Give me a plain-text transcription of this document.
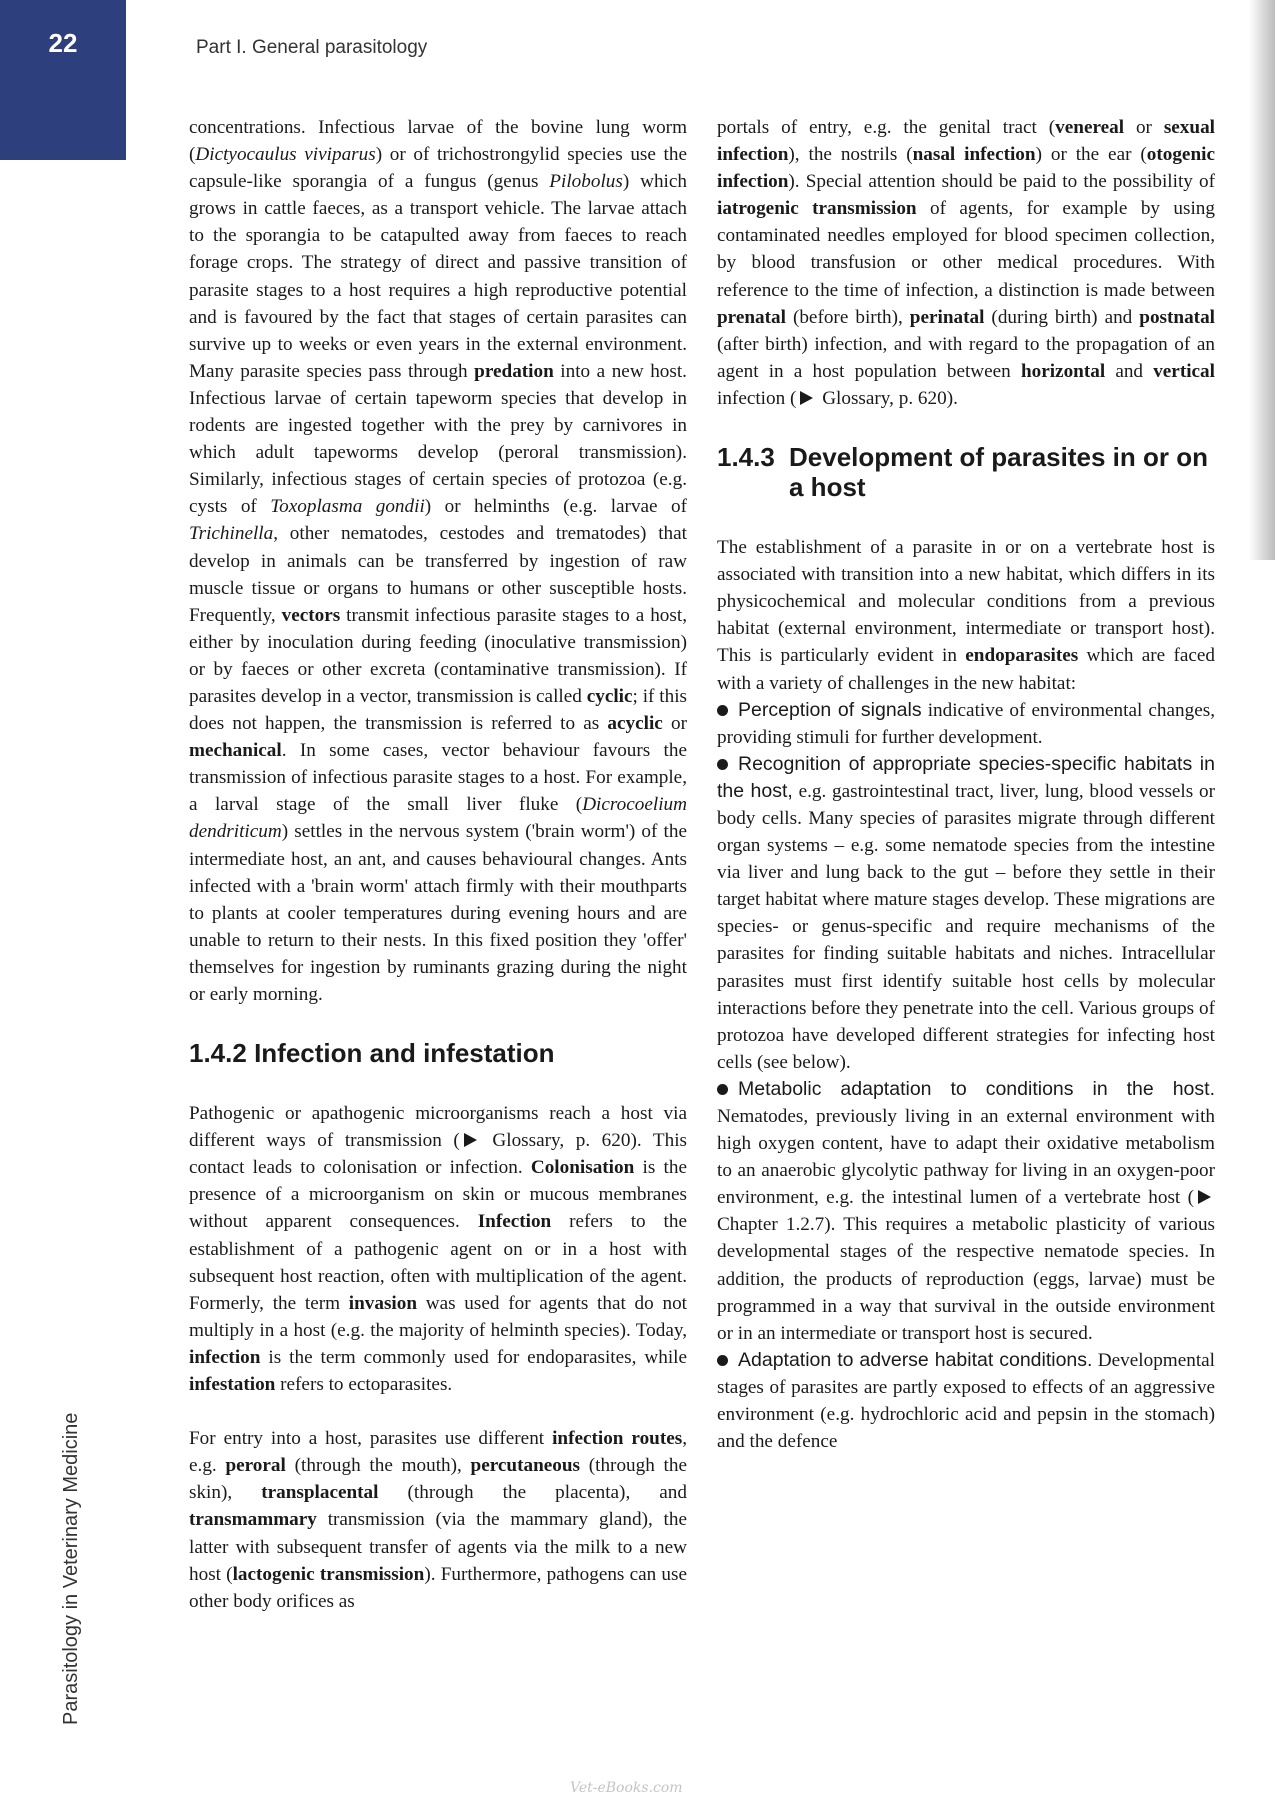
22	Part I. General parasitology
Parasitology in Veterinary Medicine

concentrations. Infectious larvae of the bovine lung worm (Dictyocaulus viviparus) or of trichostrongylid species use the capsule-like sporangia of a fungus (genus Pilobolus) which grows in cattle faeces, as a transport vehicle. The larvae attach to the sporangia to be catapulted away from faeces to reach forage crops. The strategy of direct and passive transition of parasite stages to a host requires a high reproductive potential and is favoured by the fact that stages of certain parasites can survive up to weeks or even years in the external environment. Many parasite species pass through predation into a new host. Infectious larvae of certain tapeworm species that develop in rodents are ingested together with the prey by carnivores in which adult tapeworms develop (peroral transmission). Similarly, infectious stages of certain species of protozoa (e.g. cysts of Toxoplasma gondii) or helminths (e.g. larvae of Trichinella, other nematodes, cestodes and trematodes) that develop in animals can be transferred by ingestion of raw muscle tissue or organs to humans or other susceptible hosts. Frequently, vectors transmit infectious parasite stages to a host, either by inoculation during feeding (inoculative transmission) or by faeces or other excreta (contaminative transmission). If parasites develop in a vector, transmission is called cyclic; if this does not happen, the transmission is referred to as acyclic or mechanical. In some cases, vector behaviour favours the transmission of infectious parasite stages to a host. For example, a larval stage of the small liver fluke (Dicrocoelium dendriticum) settles in the nervous system ('brain worm') of the intermediate host, an ant, and causes behavioural changes. Ants infected with a 'brain worm' attach firmly with their mouthparts to plants at cooler temperatures during evening hours and are unable to return to their nests. In this fixed position they 'offer' themselves for ingestion by ruminants grazing during the night or early morning.

1.4.2 Infection and infestation

Pathogenic or apathogenic microorganisms reach a host via different ways of transmission ( Glossary, p. 620). This contact leads to colonisation or infection. Colonisation is the presence of a microorganism on skin or mucous membranes without apparent consequences. Infection refers to the establishment of a pathogenic agent on or in a host with subsequent host reaction, often with multiplication of the agent. Formerly, the term invasion was used for agents that do not multiply in a host (e.g. the majority of helminth species). Today, infection is the term commonly used for endoparasites, while infestation refers to ectoparasites.

For entry into a host, parasites use different infection routes, e.g. peroral (through the mouth), percutaneous (through the skin), transplacental (through the placenta), and transmammary transmission (via the mammary gland), the latter with subsequent transfer of agents via the milk to a new host (lactogenic transmission). Furthermore, pathogens can use other body orifices as

portals of entry, e.g. the genital tract (venereal or sexual infection), the nostrils (nasal infection) or the ear (otogenic infection). Special attention should be paid to the possibility of iatrogenic transmission of agents, for example by using contaminated needles employed for blood specimen collection, by blood transfusion or other medical procedures. With reference to the time of infection, a distinction is made between prenatal (before birth), perinatal (during birth) and postnatal (after birth) infection, and with regard to the propagation of an agent in a host population between horizontal and vertical infection ( Glossary, p. 620).

1.4.3 Development of parasites in or on a host

The establishment of a parasite in or on a vertebrate host is associated with transition into a new habitat, which differs in its physicochemical and molecular conditions from a previous habitat (external environment, intermediate or transport host). This is particularly evident in endoparasites which are faced with a variety of challenges in the new habitat:

Perception of signals indicative of environmental changes, providing stimuli for further development.

Recognition of appropriate species-specific habitats in the host, e.g. gastrointestinal tract, liver, lung, blood vessels or body cells. Many species of parasites migrate through different organ systems – e.g. some nematode species from the intestine via liver and lung back to the gut – before they settle in their target habitat where mature stages develop. These migrations are species- or genus-specific and require mechanisms of the parasites for finding suitable habitats and niches. Intracellular parasites must first identify suitable host cells by molecular interactions before they penetrate into the cell. Various groups of protozoa have developed different strategies for infecting host cells (see below).

Metabolic adaptation to conditions in the host. Nematodes, previously living in an external environment with high oxygen content, have to adapt their oxidative metabolism to an anaerobic glycolytic pathway for living in an oxygen-poor environment, e.g. the intestinal lumen of a vertebrate host ( Chapter 1.2.7). This requires a metabolic plasticity of various developmental stages of the respective nematode species. In addition, the products of reproduction (eggs, larvae) must be programmed in a way that survival in the outside environment or in an intermediate or transport host is secured.

Adaptation to adverse habitat conditions. Developmental stages of parasites are partly exposed to effects of an aggressive environment (e.g. hydrochloric acid and pepsin in the stomach) and the defence

Vet-eBooks.com
